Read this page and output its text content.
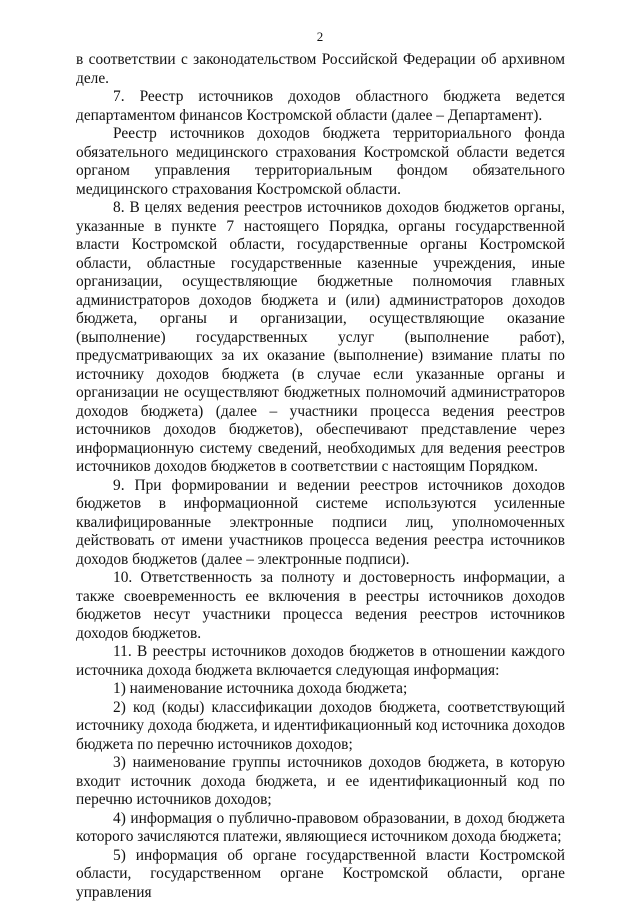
2

в соответствии с законодательством Российской Федерации об архивном деле.

7. Реестр источников доходов областного бюджета ведется департаментом финансов Костромской области (далее – Департамент).

Реестр источников доходов бюджета территориального фонда обязательного медицинского страхования Костромской области ведется органом управления территориальным фондом обязательного медицинского страхования Костромской области.

8. В целях ведения реестров источников доходов бюджетов органы, указанные в пункте 7 настоящего Порядка, органы государственной власти Костромской области, государственные органы Костромской области, областные государственные казенные учреждения, иные организации, осуществляющие бюджетные полномочия главных администраторов доходов бюджета и (или) администраторов доходов бюджета, органы и организации, осуществляющие оказание (выполнение) государственных услуг (выполнение работ), предусматривающих за их оказание (выполнение) взимание платы по источнику доходов бюджета (в случае если указанные органы и организации не осуществляют бюджетных полномочий администраторов доходов бюджета) (далее – участники процесса ведения реестров источников доходов бюджетов), обеспечивают представление через информационную систему сведений, необходимых для ведения реестров источников доходов бюджетов в соответствии с настоящим Порядком.

9. При формировании и ведении реестров источников доходов бюджетов в информационной системе используются усиленные квалифицированные электронные подписи лиц, уполномоченных действовать от имени участников процесса ведения реестра источников доходов бюджетов (далее – электронные подписи).

10. Ответственность за полноту и достоверность информации, а также своевременность ее включения в реестры источников доходов бюджетов несут участники процесса ведения реестров источников доходов бюджетов.

11. В реестры источников доходов бюджетов в отношении каждого источника дохода бюджета включается следующая информация:

1) наименование источника дохода бюджета;

2) код (коды) классификации доходов бюджета, соответствующий источнику дохода бюджета, и идентификационный код источника доходов бюджета по перечню источников доходов;

3) наименование группы источников доходов бюджета, в которую входит источник дохода бюджета, и ее идентификационный код по перечню источников доходов;

4) информация о публично-правовом образовании, в доход бюджета которого зачисляются платежи, являющиеся источником дохода бюджета;

5) информация об органе государственной власти Костромской области, государственном органе Костромской области, органе управления
